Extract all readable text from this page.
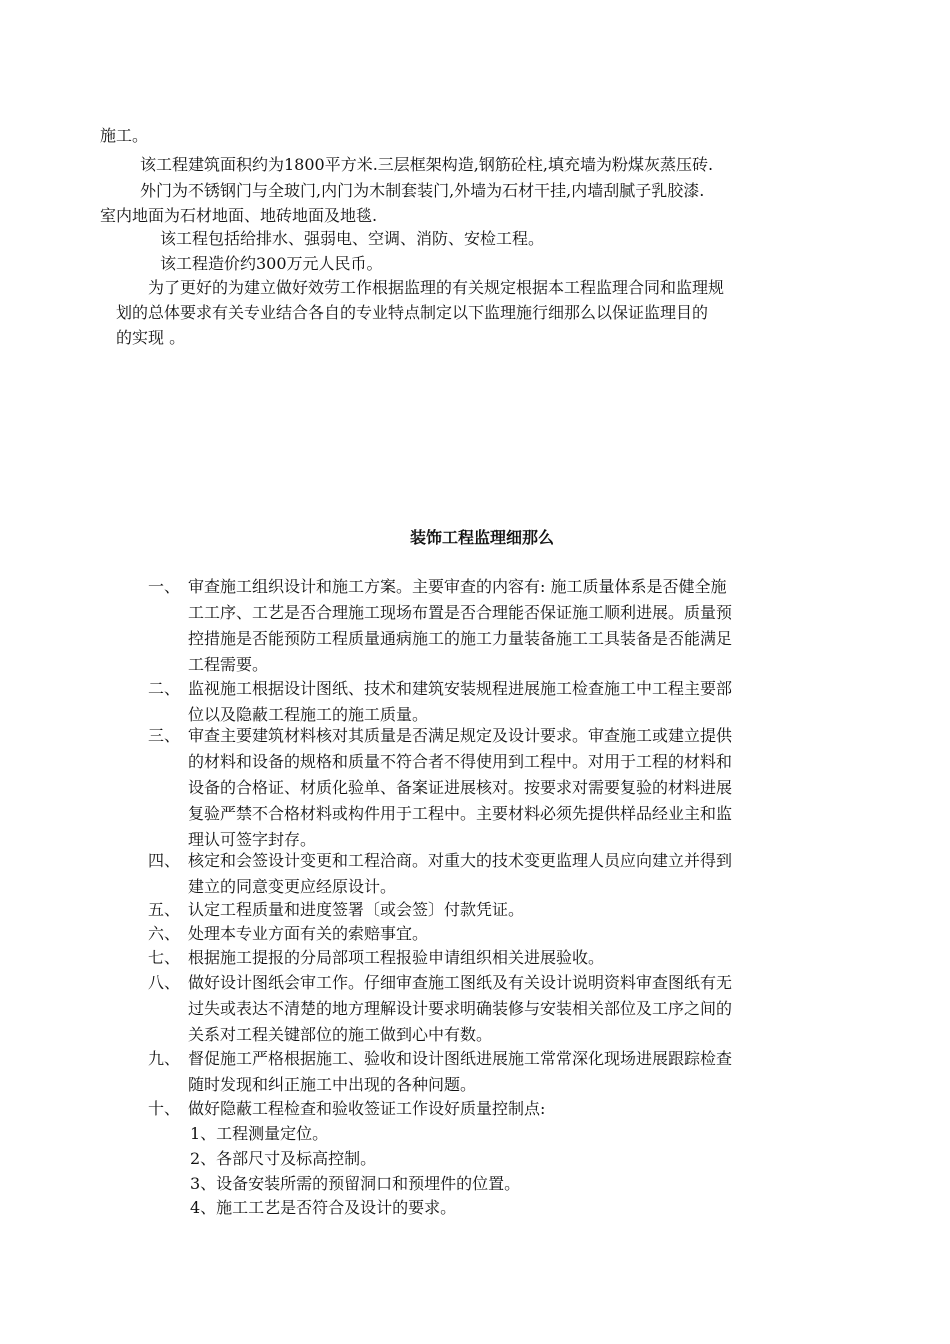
施工。

该工程建筑面积约为1800平方米.三层框架构造,钢筋砼柱,填充墙为粉煤灰蒸压砖.

外门为不锈钢门与全玻门,内门为木制套装门,外墙为石材干挂,内墙刮腻子乳胶漆.

室内地面为石材地面、地砖地面及地毯.

该工程包括给排水、强弱电、空调、消防、安检工程。

该工程造价约300万元人民币。

为了更好的为建立做好效劳工作根据监理的有关规定根据本工程监理合同和监理规

划的总体要求有关专业结合各自的专业特点制定以下监理施行细那么以保证监理目的

的实现 。

装饰工程监理细那么
一、 审查施工组织设计和施工方案。主要审查的内容有: 施工质量体系是否健全施
工工序、工艺是否合理施工现场布置是否合理能否保证施工顺利进展。质量预
控措施是否能预防工程质量通病施工的施工力量装备施工工具装备是否能满足
工程需要。
二、 监视施工根据设计图纸、技术和建筑安装规程进展施工检查施工中工程主要部
位以及隐蔽工程施工的施工质量。
三、 审查主要建筑材料核对其质量是否满足规定及设计要求。审查施工或建立提供
的材料和设备的规格和质量不符合者不得使用到工程中。对用于工程的材料和
设备的合格证、材质化验单、备案证进展核对。按要求对需要复验的材料进展
复验严禁不合格材料或构件用于工程中。主要材料必须先提供样品经业主和监
理认可签字封存。
四、 核定和会签设计变更和工程洽商。对重大的技术变更监理人员应向建立并得到
建立的同意变更应经原设计。
五、 认定工程质量和进度签署〔或会签〕付款凭证。
六、 处理本专业方面有关的索赔事宜。
七、 根据施工提报的分局部项工程报验申请组织相关进展验收。
八、 做好设计图纸会审工作。仔细审查施工图纸及有关设计说明资料审查图纸有无
过失或表达不清楚的地方理解设计要求明确装修与安装相关部位及工序之间的
关系对工程关键部位的施工做到心中有数。
九、 督促施工严格根据施工、验收和设计图纸进展施工常常深化现场进展跟踪检查
随时发现和纠正施工中出现的各种问题。
十、 做好隐蔽工程检查和验收签证工作设好质量控制点:

1、工程测量定位。

2、各部尺寸及标高控制。

3、设备安装所需的预留洞口和预埋件的位置。

4、施工工艺是否符合及设计的要求。
